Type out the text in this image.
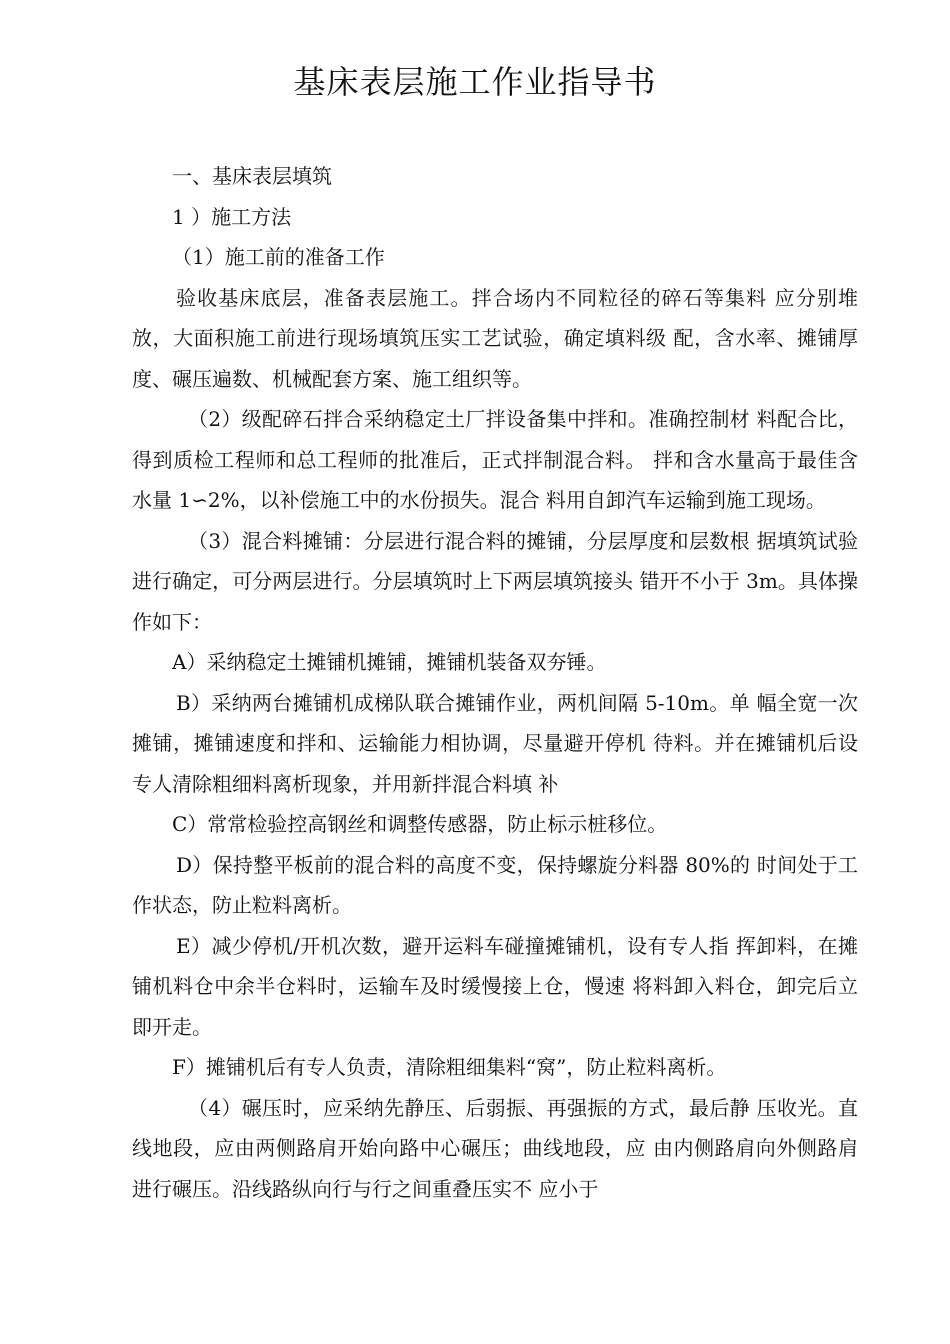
基床表层施工作业指导书

一、基床表层填筑

1 ）施工方法

（1）施工前的准备工作

验收基床底层，准备表层施工。拌合场内不同粒径的碎石等集料 应分别堆放，大面积施工前进行现场填筑压实工艺试验，确定填料级 配，含水率、摊铺厚度、碾压遍数、机械配套方案、施工组织等。

（2）级配碎石拌合采纳稳定土厂拌设备集中拌和。准确控制材 料配合比，得到质检工程师和总工程师的批准后，正式拌制混合料。 拌和含水量高于最佳含水量 1∽2%，以补偿施工中的水份损失。混合 料用自卸汽车运输到施工现场。

（3）混合料摊铺：分层进行混合料的摊铺，分层厚度和层数根 据填筑试验进行确定，可分两层进行。分层填筑时上下两层填筑接头 错开不小于 3m。具体操作如下：

A）采纳稳定土摊铺机摊铺，摊铺机装备双夯锤。

B）采纳两台摊铺机成梯队联合摊铺作业，两机间隔 5-10m。单 幅全宽一次摊铺，摊铺速度和拌和、运输能力相协调，尽量避开停机 待料。并在摊铺机后设专人清除粗细料离析现象，并用新拌混合料填 补

C）常常检验控高钢丝和调整传感器，防止标示桩移位。

D）保持整平板前的混合料的高度不变，保持螺旋分料器 80%的 时间处于工作状态，防止粒料离析。

E）减少停机/开机次数，避开运料车碰撞摊铺机，设有专人指 挥卸料，在摊铺机料仓中余半仓料时，运输车及时缓慢接上仓，慢速 将料卸入料仓，卸完后立即开走。

F）摊铺机后有专人负责，清除粗细集料“窝”，防止粒料离析。

（4）碾压时，应采纳先静压、后弱振、再强振的方式，最后静 压收光。直线地段，应由两侧路肩开始向路中心碾压；曲线地段，应 由内侧路肩向外侧路肩进行碾压。沿线路纵向行与行之间重叠压实不 应小于
